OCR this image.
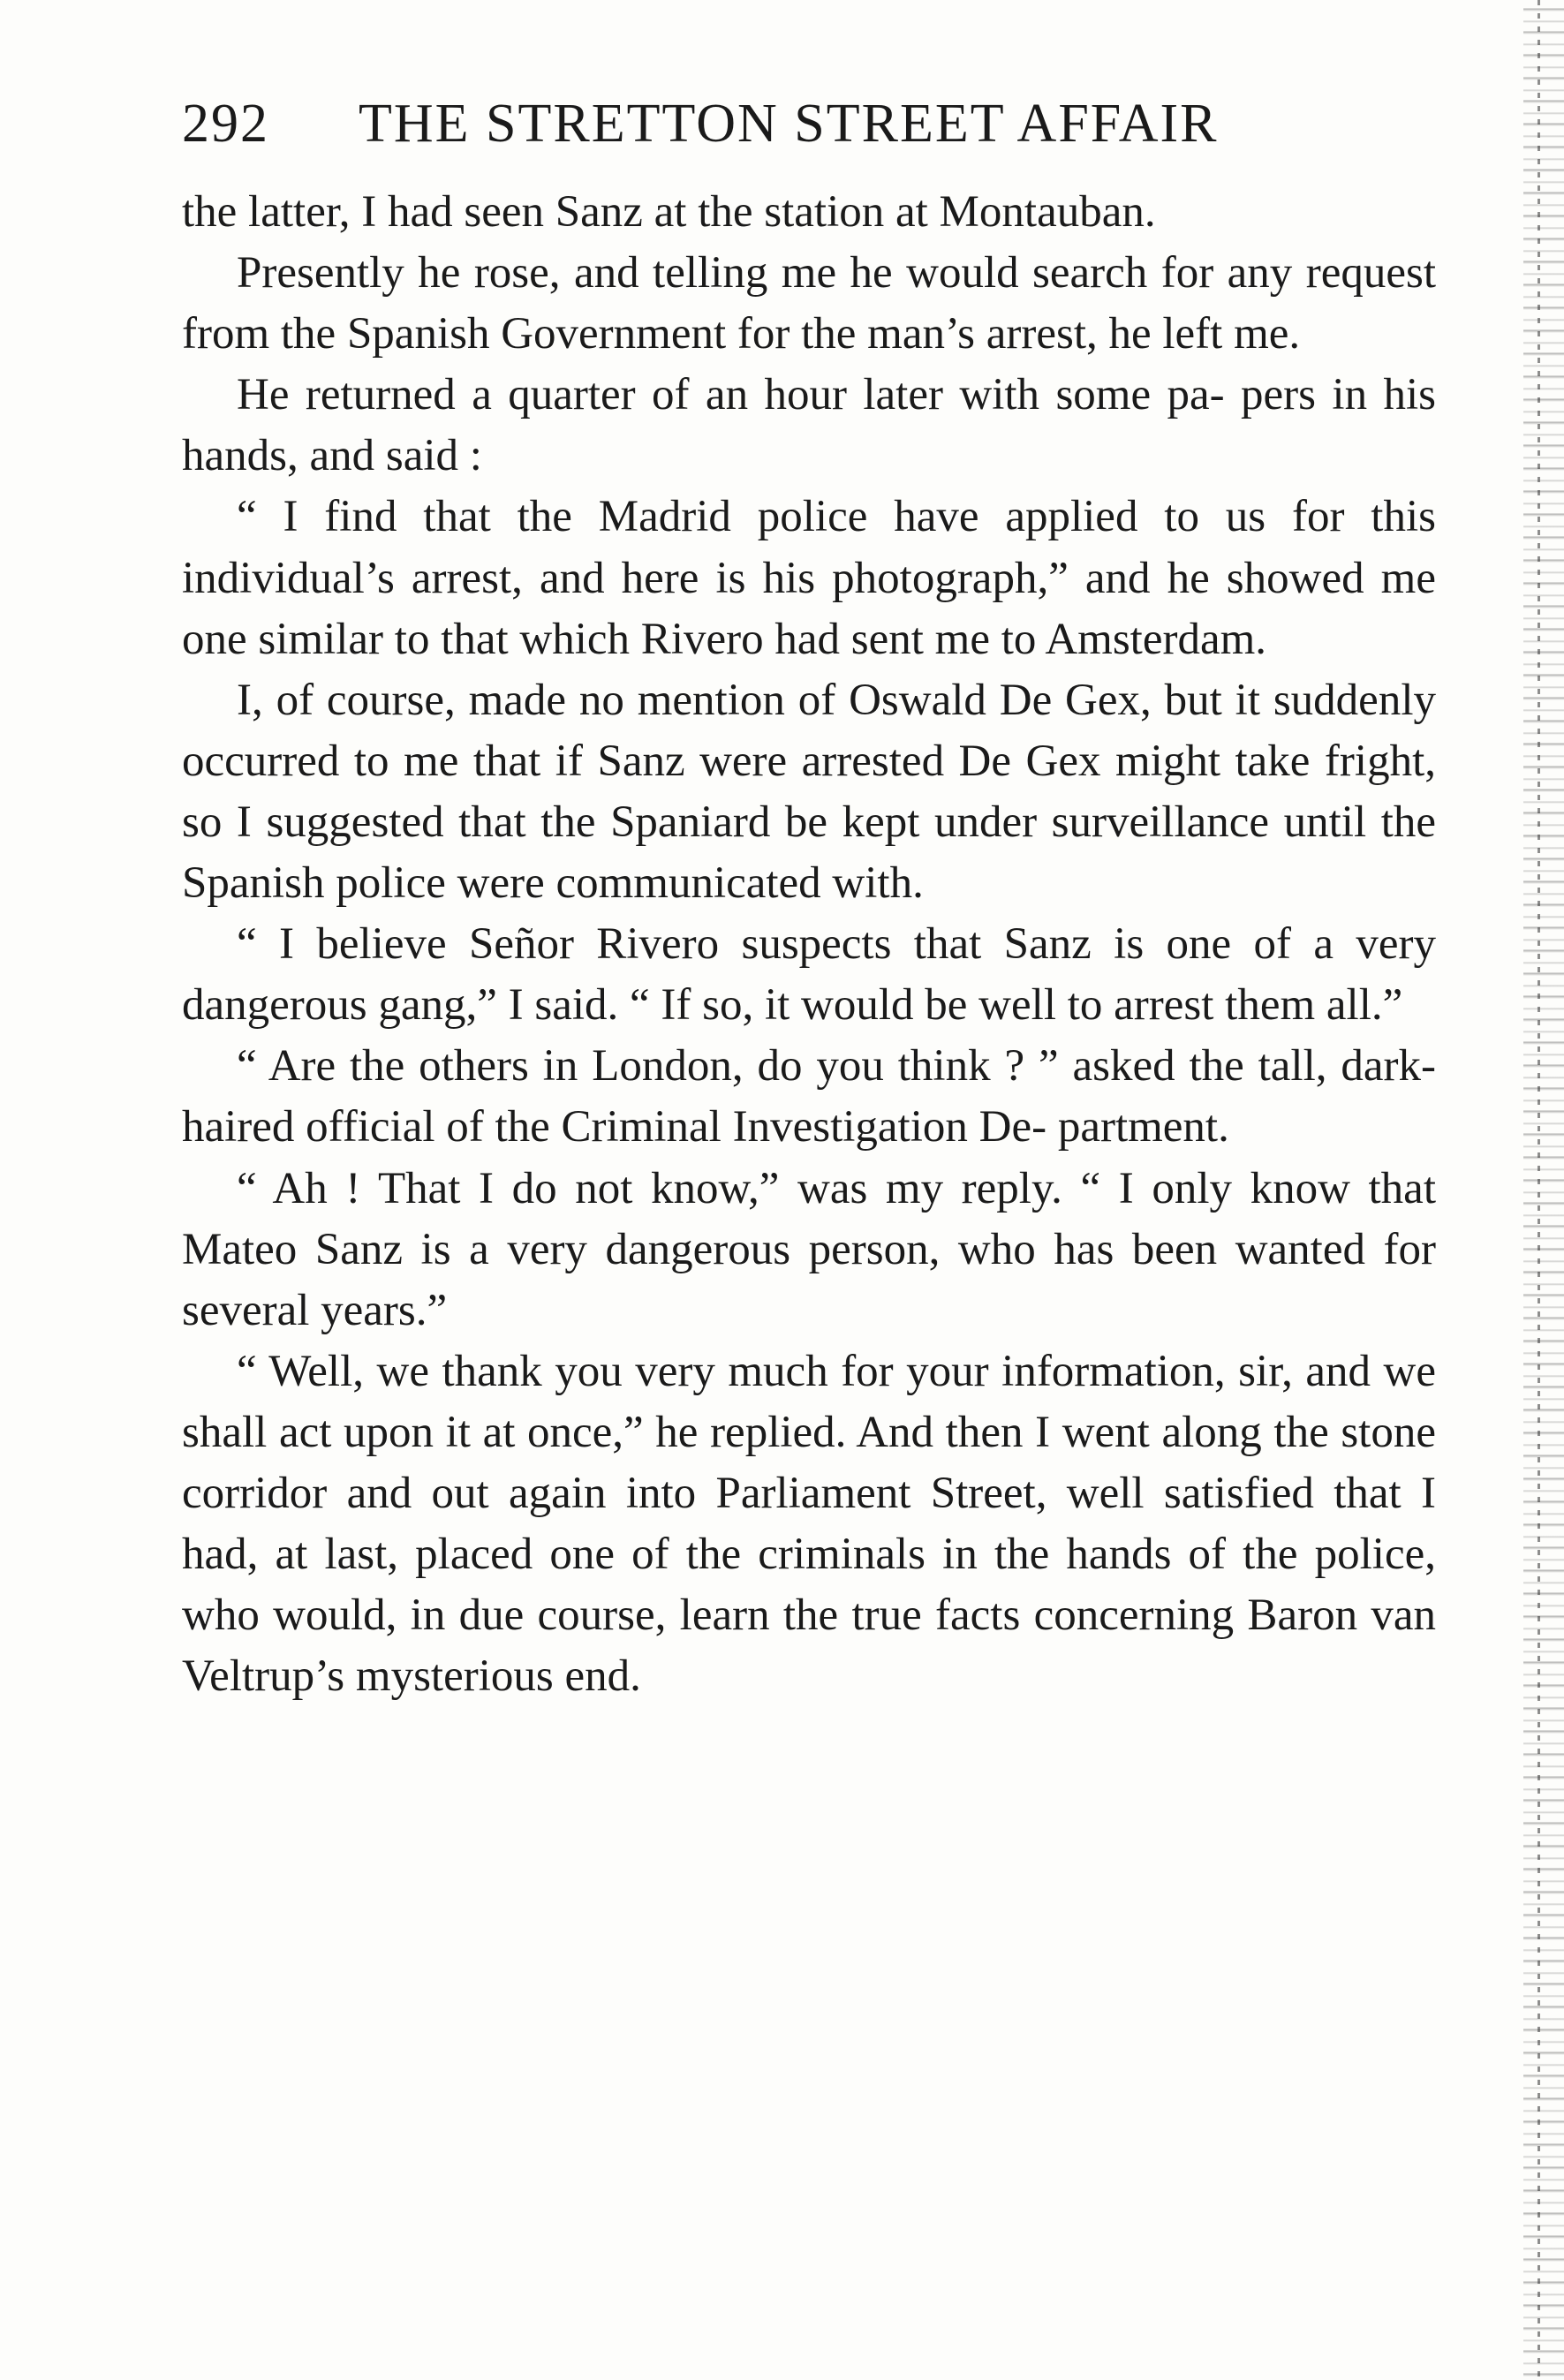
292 THE STRETTON STREET AFFAIR

the latter, I had seen Sanz at the station at Montauban.

Presently he rose, and telling me he would search for any request from the Spanish Government for the man’s arrest, he left me.

He returned a quarter of an hour later with some pa- pers in his hands, and said :

“ I find that the Madrid police have applied to us for this individual’s arrest, and here is his photograph,” and he showed me one similar to that which Rivero had sent me to Amsterdam.

I, of course, made no mention of Oswald De Gex, but it suddenly occurred to me that if Sanz were arrested De Gex might take fright, so I suggested that the Spaniard be kept under surveillance until the Spanish police were communicated with.

“ I believe Señor Rivero suspects that Sanz is one of a very dangerous gang,” I said. “ If so, it would be well to arrest them all.”

“ Are the others in London, do you think ? ” asked the tall, dark-haired official of the Criminal Investigation De- partment.

“ Ah ! That I do not know,” was my reply. “ I only know that Mateo Sanz is a very dangerous person, who has been wanted for several years.”

“ Well, we thank you very much for your information, sir, and we shall act upon it at once,” he replied. And then I went along the stone corridor and out again into Parliament Street, well satisfied that I had, at last, placed one of the criminals in the hands of the police, who would, in due course, learn the true facts concerning Baron van Veltrup’s mysterious end.
